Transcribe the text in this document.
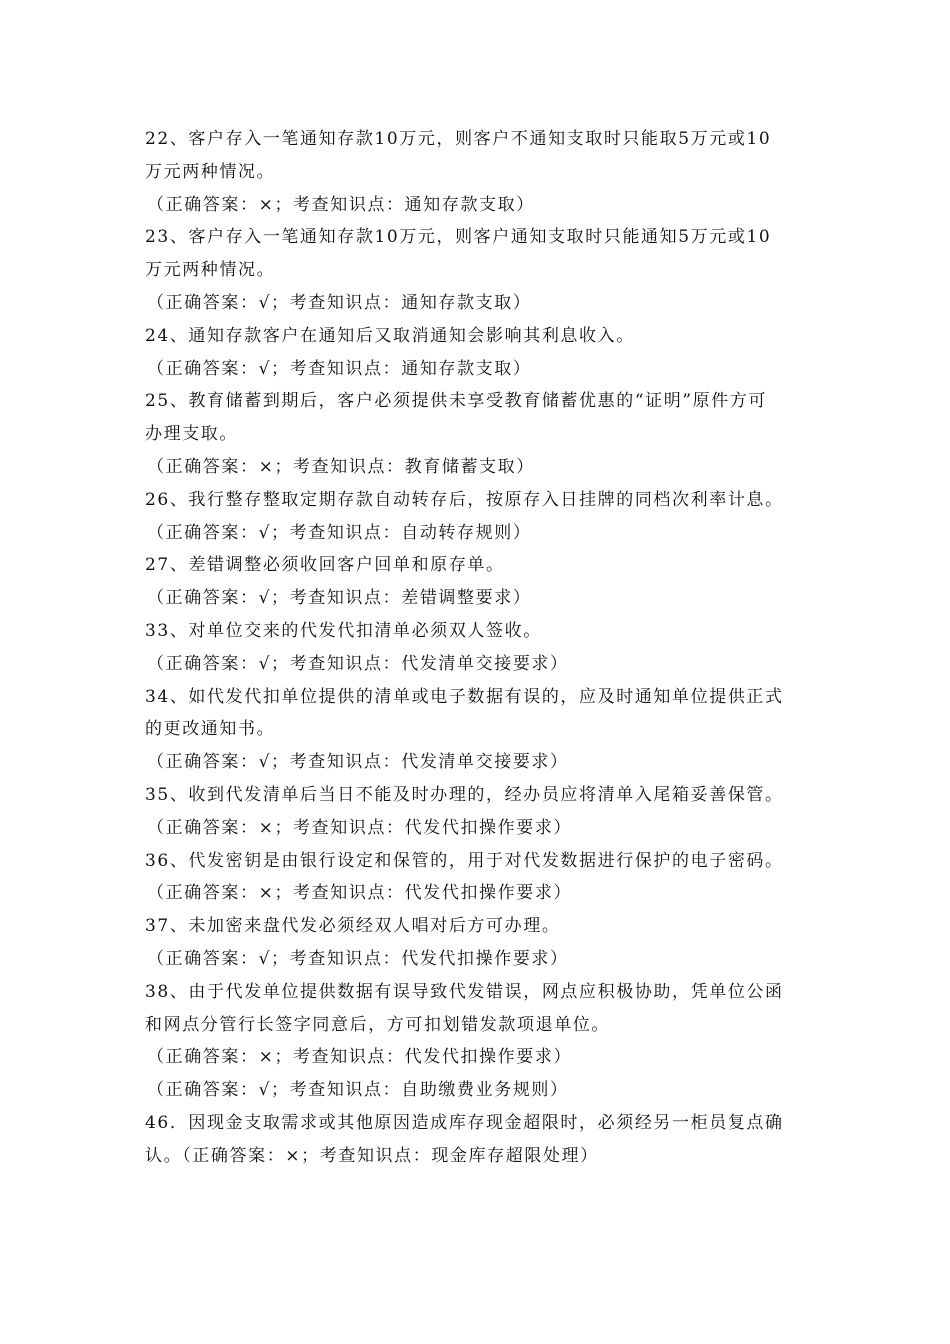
22、客户存入一笔通知存款10万元，则客户不通知支取时只能取5万元或10
万元两种情况。
（正确答案：×；考查知识点：通知存款支取）
23、客户存入一笔通知存款10万元，则客户通知支取时只能通知5万元或10
万元两种情况。
（正确答案：√；考查知识点：通知存款支取）
24、通知存款客户在通知后又取消通知会影响其利息收入。
（正确答案：√；考查知识点：通知存款支取）
25、教育储蓄到期后，客户必须提供未享受教育储蓄优惠的“证明”原件方可
办理支取。
（正确答案：×；考查知识点：教育储蓄支取）
26、我行整存整取定期存款自动转存后，按原存入日挂牌的同档次利率计息。
（正确答案：√；考查知识点：自动转存规则）
27、差错调整必须收回客户回单和原存单。
（正确答案：√；考查知识点：差错调整要求）
33、对单位交来的代发代扣清单必须双人签收。
（正确答案：√；考查知识点：代发清单交接要求）
34、如代发代扣单位提供的清单或电子数据有误的，应及时通知单位提供正式
的更改通知书。
（正确答案：√；考查知识点：代发清单交接要求）
35、收到代发清单后当日不能及时办理的，经办员应将清单入尾箱妥善保管。
（正确答案：×；考查知识点：代发代扣操作要求）
36、代发密钥是由银行设定和保管的，用于对代发数据进行保护的电子密码。
（正确答案：×；考查知识点：代发代扣操作要求）
37、未加密来盘代发必须经双人唱对后方可办理。
（正确答案：√；考查知识点：代发代扣操作要求）
38、由于代发单位提供数据有误导致代发错误，网点应积极协助，凭单位公函
和网点分管行长签字同意后，方可扣划错发款项退单位。
（正确答案：×；考查知识点：代发代扣操作要求）
（正确答案：√；考查知识点：自助缴费业务规则）
46．因现金支取需求或其他原因造成库存现金超限时，必须经另一柜员复点确
认。（正确答案：×；考查知识点：现金库存超限处理）
